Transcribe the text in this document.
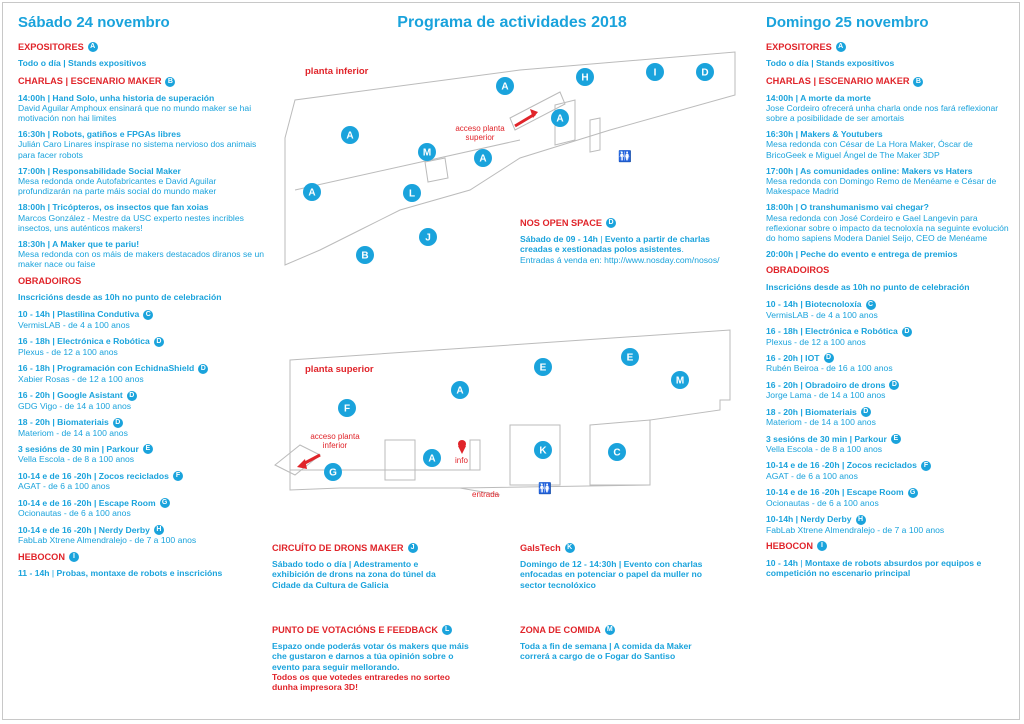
🚻
🚻
A
H	I	D
A
A
M
A
L
A
B
J
E
E
M
A
F
A
K	C
G
Programa de actividades 2018
planta inferior
planta superior
acceso planta superior
acceso planta inferior
info
entrada
Sábado 24 novembro
EXPOSITORES A
Todo o día | Stands expositivos
CHARLAS | ESCENARIO MAKER B
14:00h | Hand Solo, unha historia de superación
David Aguilar Amphoux ensinará que no mundo maker se hai motivación non hai limites
16:30h | Robots, gatiños e FPGAs libres
Julián Caro Linares inspírase no sistema nervioso dos animais para facer robots
17:00h | Responsabilidade Social Maker
Mesa redonda onde Autofabricantes e David Aguilar profundizarán na parte máis social do mundo maker
18:00h | Tricópteros, os insectos que fan xoias
Marcos González - Mestre da USC experto nestes incribles insectos, uns auténticos makers!
18:30h | A Maker que te pariu!
Mesa redonda con os máis de makers destacados diranos se un maker nace ou faise
OBRADOIROS
Inscricións desde as 10h no punto de celebración
10 - 14h | Plastilina Condutiva C
VermisLAB - de 4 a 100 anos
16 - 18h | Electrónica e Robótica D
Plexus - de 12 a 100 anos
16 - 18h | Programación con EchidnaShield D
Xabier Rosas - de 12 a 100 anos
16 - 20h | Google Asistant D
GDG Vigo - de 14 a 100 anos
18 - 20h | Biomateriais D
Materiom - de 14 a 100 anos
3 sesións de 30 min | Parkour E
Vella Escola - de 8 a 100 anos
10-14 e de 16 -20h | Zocos reciclados F
AGAT - de 6 a 100 anos
10-14 e de 16 -20h | Escape Room G
Ocionautas - de 6 a 100 anos
10-14 e de 16 -20h | Nerdy Derby H
FabLab Xtrene Almendralejo - de 7 a 100 anos
HEBOCON	I
11 - 14h | Probas, montaxe de robots e inscricións
Domingo 25 novembro
EXPOSITORES A
Todo o día | Stands expositivos
CHARLAS | ESCENARIO MAKER B
14:00h | A morte da morte
Jose Cordeiro ofrecerá unha charla onde nos fará reflexionar sobre a posibilidade de ser amortais
16:30h | Makers & Youtubers
Mesa redonda con César de La Hora Maker, Óscar de BricoGeek e Miguel Ángel de The Maker 3DP
17:00h | As comunidades online: Makers vs Haters
Mesa redonda con Domingo Remo de Menéame e César de Makespace Madrid
18:00h | O transhumanismo vai chegar?
Mesa redonda con José Cordeiro e Gael Langevin para reflexionar sobre o impacto da tecnoloxía na seguinte evolución do homo sapiens Modera Daniel Seijo, CEO de Menéame
20:00h | Peche do evento e entrega de premios
OBRADOIROS
Inscricións desde as 10h no punto de celebración
10 - 14h | Biotecnoloxía C
VermisLAB - de 4 a 100 anos
16 - 18h | Electrónica e Robótica D
Plexus - de 12 a 100 anos
16 - 20h | IOT D
Rubén Beiroa - de 16 a 100 anos
16 - 20h | Obradoiro de drons D
Jorge Lama - de 14 a 100 anos
18 - 20h | Biomateriais D
Materiom - de 14 a 100 anos
3 sesións de 30 min | Parkour E
Vella Escola - de 8 a 100 anos
10-14 e de 16 -20h | Zocos reciclados F
AGAT - de 6 a 100 anos
10-14 e de 16 -20h | Escape Room G
Ocionautas - de 6 a 100 anos
10-14h | Nerdy Derby H
FabLab Xtrene Almendralejo - de 7 a 100 anos
HEBOCON	I
10 - 14h | Montaxe de robots absurdos por equipos e competición no escenario principal
NOS OPEN SPACE D
Sábado de 09 - 14h | Evento a partir de charlas creadas e xestionadas polos asistentes. Entradas á venda en: http://www.nosday.com/nosos/
CIRCUÍTO DE DRONS MAKER	J
Sábado todo o día | Adestramento e exhibición de drons na zona do túnel da Cidade da Cultura de Galicia
PUNTO DE VOTACIÓNS E FEEDBACK L
Espazo onde poderás votar ós makers que máis che gustaron e darnos a túa opinión sobre o evento para seguir mellorando.
Todos os que votedes entraredes no sorteo dunha impresora 3D!
GalsTech K
Domingo de 12 - 14:30h | Evento con charlas enfocadas en potenciar o papel da muller no sector tecnolóxico
ZONA DE COMIDA M
Toda a fin de semana | A comida da Maker correrá a cargo de o Fogar do Santiso
